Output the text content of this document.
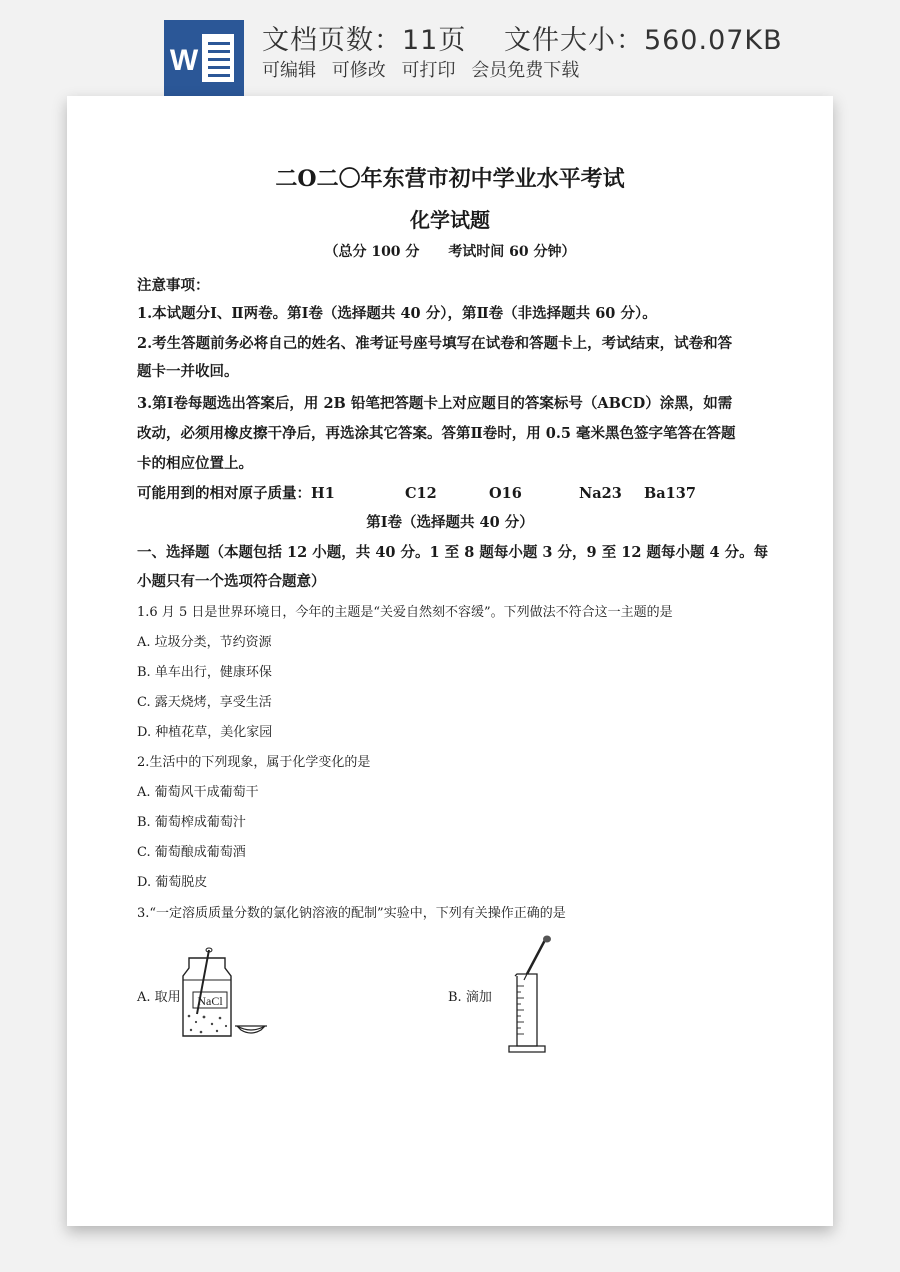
W
文档页数：11页 文件大小：560.07KB
可编辑 可修改 可打印 会员免费下载
二O二〇年东营市初中学业水平考试
化学试题
（总分 100 分 考试时间 60 分钟）
注意事项：
1.本试题分Ⅰ、Ⅱ两卷。第Ⅰ卷（选择题共 40 分），第Ⅱ卷（非选择题共 60 分）。
2.考生答题前务必将自己的姓名、准考证号座号填写在试卷和答题卡上，考试结束，试卷和答
题卡一并收回。
3.第Ⅰ卷每题选出答案后，用 2B 铅笔把答题卡上对应题目的答案标号（ABCD）涂黑，如需
改动，必须用橡皮擦干净后，再选涂其它答案。答第Ⅱ卷时，用 0.5 毫米黑色签字笔答在答题
卡的相应位置上。
可能用到的相对原子质量：H1	C12	O16	Na23 Ba137
第Ⅰ卷（选择题共 40 分）
一、选择题（本题包括 12 小题，共 40 分。1 至 8 题每小题 3 分，9 至 12 题每小题 4 分。每
小题只有一个选项符合题意）
1.6 月 5 日是世界环境日，今年的主题是“关爱自然刻不容缓”。下列做法不符合这一主题的是
A. 垃圾分类，节约资源
B. 单车出行，健康环保
C. 露天烧烤，享受生活
D. 种植花草，美化家园
2.生活中的下列现象，属于化学变化的是
A. 葡萄风干成葡萄干
B. 葡萄榨成葡萄汁
C. 葡萄酿成葡萄酒
D. 葡萄脱皮
3.“一定溶质质量分数的氯化钠溶液的配制”实验中，下列有关操作正确的是
A. 取用	B. 滴加
NaCl
